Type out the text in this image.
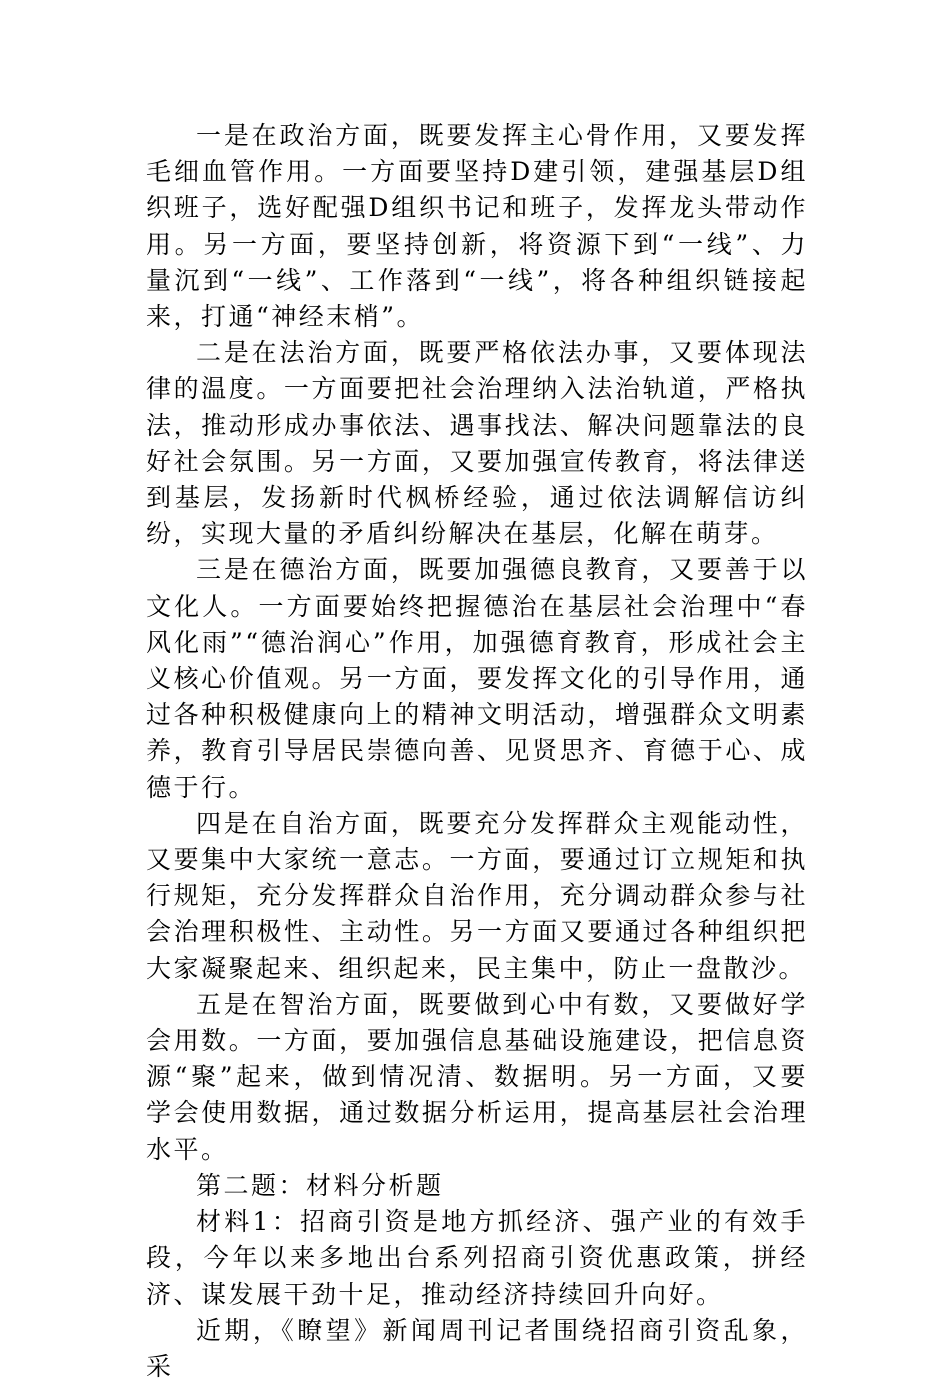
一是在政治方面，既要发挥主心骨作用，又要发挥毛细血管作用。一方面要坚持D建引领，建强基层D组织班子，选好配强D组织书记和班子，发挥龙头带动作用。另一方面，要坚持创新，将资源下到“一线”、力量沉到“一线”、工作落到“一线”，将各种组织链接起来，打通“神经末梢”。

二是在法治方面，既要严格依法办事，又要体现法律的温度。一方面要把社会治理纳入法治轨道，严格执法，推动形成办事依法、遇事找法、解决问题靠法的良好社会氛围。另一方面，又要加强宣传教育，将法律送到基层，发扬新时代枫桥经验，通过依法调解信访纠纷，实现大量的矛盾纠纷解决在基层，化解在萌芽。

三是在德治方面，既要加强德良教育，又要善于以文化人。一方面要始终把握德治在基层社会治理中“春风化雨”“德治润心”作用，加强德育教育，形成社会主义核心价值观。另一方面，要发挥文化的引导作用，通过各种积极健康向上的精神文明活动，增强群众文明素养，教育引导居民崇德向善、见贤思齐、育德于心、成德于行。

四是在自治方面，既要充分发挥群众主观能动性，又要集中大家统一意志。一方面，要通过订立规矩和执行规矩，充分发挥群众自治作用，充分调动群众参与社会治理积极性、主动性。另一方面又要通过各种组织把大家凝聚起来、组织起来，民主集中，防止一盘散沙。

五是在智治方面，既要做到心中有数，又要做好学会用数。一方面，要加强信息基础设施建设，把信息资源“聚”起来，做到情况清、数据明。另一方面，又要学会使用数据，通过数据分析运用，提高基层社会治理水平。

第二题：材料分析题

材料1：招商引资是地方抓经济、强产业的有效手段，今年以来多地出台系列招商引资优惠政策，拼经济、谋发展干劲十足，推动经济持续回升向好。

近期，《瞭望》新闻周刊记者围绕招商引资乱象，采
